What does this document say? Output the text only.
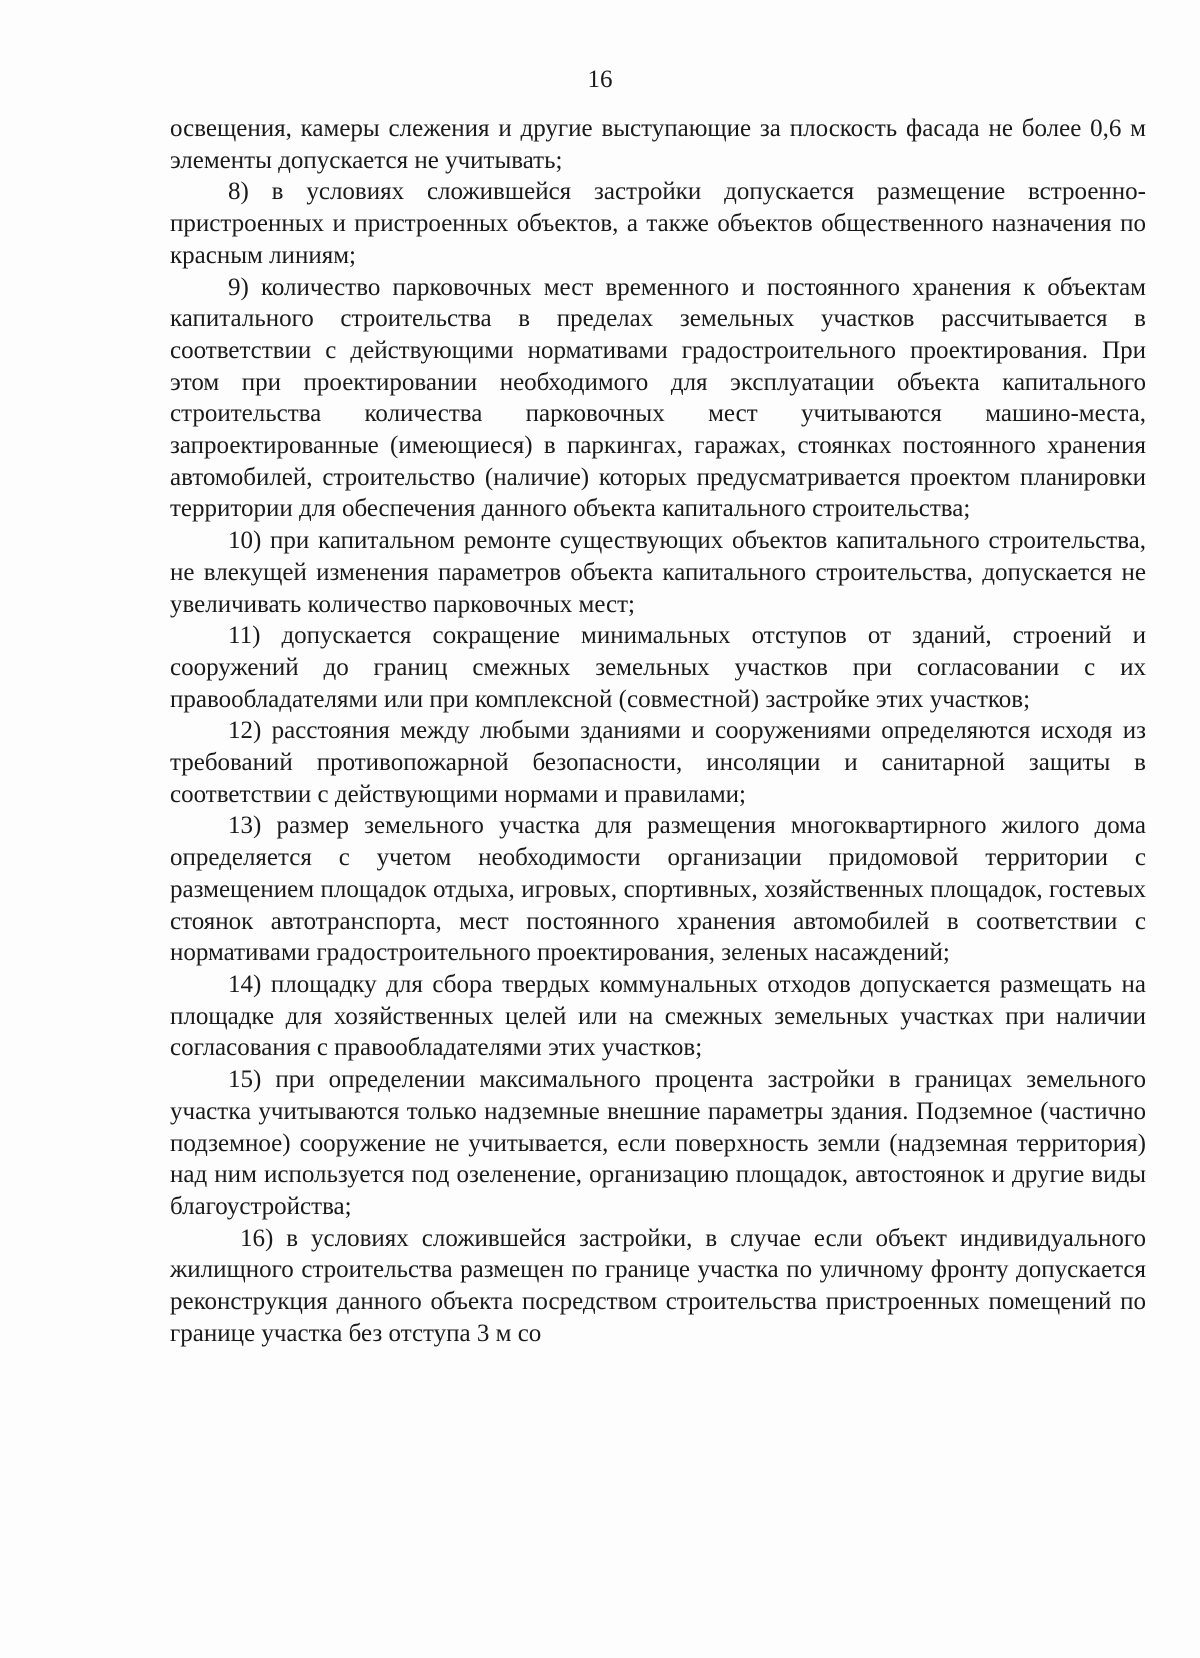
16

освещения, камеры слежения и другие выступающие за плоскость фасада не более 0,6 м элементы допускается не учитывать;

8) в условиях сложившейся застройки допускается размещение встроенно-пристроенных и пристроенных объектов, а также объектов общественного назначения по красным линиям;

9) количество парковочных мест временного и постоянного хранения к объектам капитального строительства в пределах земельных участков рассчитывается в соответствии с действующими нормативами градостроительного проектирования. При этом при проектировании необходимого для эксплуатации объекта капитального строительства количества парковочных мест учитываются машино-места, запроектированные (имеющиеся) в паркингах, гаражах, стоянках постоянного хранения автомобилей, строительство (наличие) которых предусматривается проектом планировки территории для обеспечения данного объекта капитального строительства;

10) при капитальном ремонте существующих объектов капитального строительства, не влекущей изменения параметров объекта капитального строительства, допускается не увеличивать количество парковочных мест;

11) допускается сокращение минимальных отступов от зданий, строений и сооружений до границ смежных земельных участков при согласовании с их правообладателями или при комплексной (совместной) застройке этих участков;

12) расстояния между любыми зданиями и сооружениями определяются исходя из требований противопожарной безопасности, инсоляции и санитарной защиты в соответствии с действующими нормами и правилами;

13) размер земельного участка для размещения многоквартирного жилого дома определяется с учетом необходимости организации придомовой территории с размещением площадок отдыха, игровых, спортивных, хозяйственных площадок, гостевых стоянок автотранспорта, мест постоянного хранения автомобилей в соответствии с нормативами градостроительного проектирования, зеленых насаждений;

14) площадку для сбора твердых коммунальных отходов допускается размещать на площадке для хозяйственных целей или на смежных земельных участках при наличии согласования с правообладателями этих участков;

15) при определении максимального процента застройки в границах земельного участка учитываются только надземные внешние параметры здания. Подземное (частично подземное) сооружение не учитывается, если поверхность земли (надземная территория) над ним используется под озеленение, организацию площадок, автостоянок и другие виды благоустройства;

16) в условиях сложившейся застройки, в случае если объект индивидуального жилищного строительства размещен по границе участка по уличному фронту допускается реконструкция данного объекта посредством строительства пристроенных помещений по границе участка без отступа 3 м со
